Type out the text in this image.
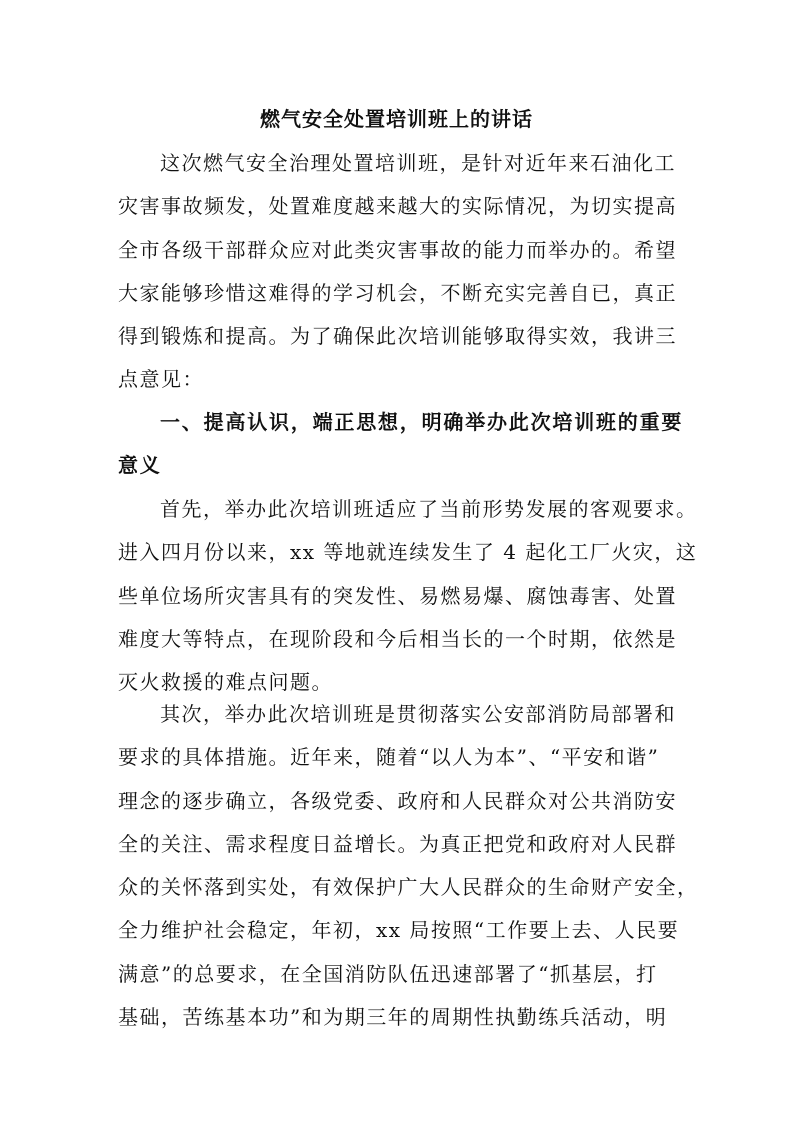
燃气安全处置培训班上的讲话
这次燃气安全治理处置培训班，是针对近年来石油化工
灾害事故频发，处置难度越来越大的实际情况，为切实提高
全市各级干部群众应对此类灾害事故的能力而举办的。希望
大家能够珍惜这难得的学习机会，不断充实完善自已，真正
得到锻炼和提高。为了确保此次培训能够取得实效，我讲三
点意见：
一、提高认识，端正思想，明确举办此次培训班的重要
意义
首先，举办此次培训班适应了当前形势发展的客观要求。
进入四月份以来，xx 等地就连续发生了 4 起化工厂火灾，这
些单位场所灾害具有的突发性、易燃易爆、腐蚀毒害、处置
难度大等特点，在现阶段和今后相当长的一个时期，依然是
灭火救援的难点问题。
其次，举办此次培训班是贯彻落实公安部消防局部署和
要求的具体措施。近年来，随着“以人为本”、“平安和谐”
理念的逐步确立，各级党委、政府和人民群众对公共消防安
全的关注、需求程度日益增长。为真正把党和政府对人民群
众的关怀落到实处，有效保护广大人民群众的生命财产安全，
全力维护社会稳定，年初，xx 局按照“工作要上去、人民要
满意”的总要求，在全国消防队伍迅速部署了“抓基层，打
基础，苦练基本功”和为期三年的周期性执勤练兵活动，明
